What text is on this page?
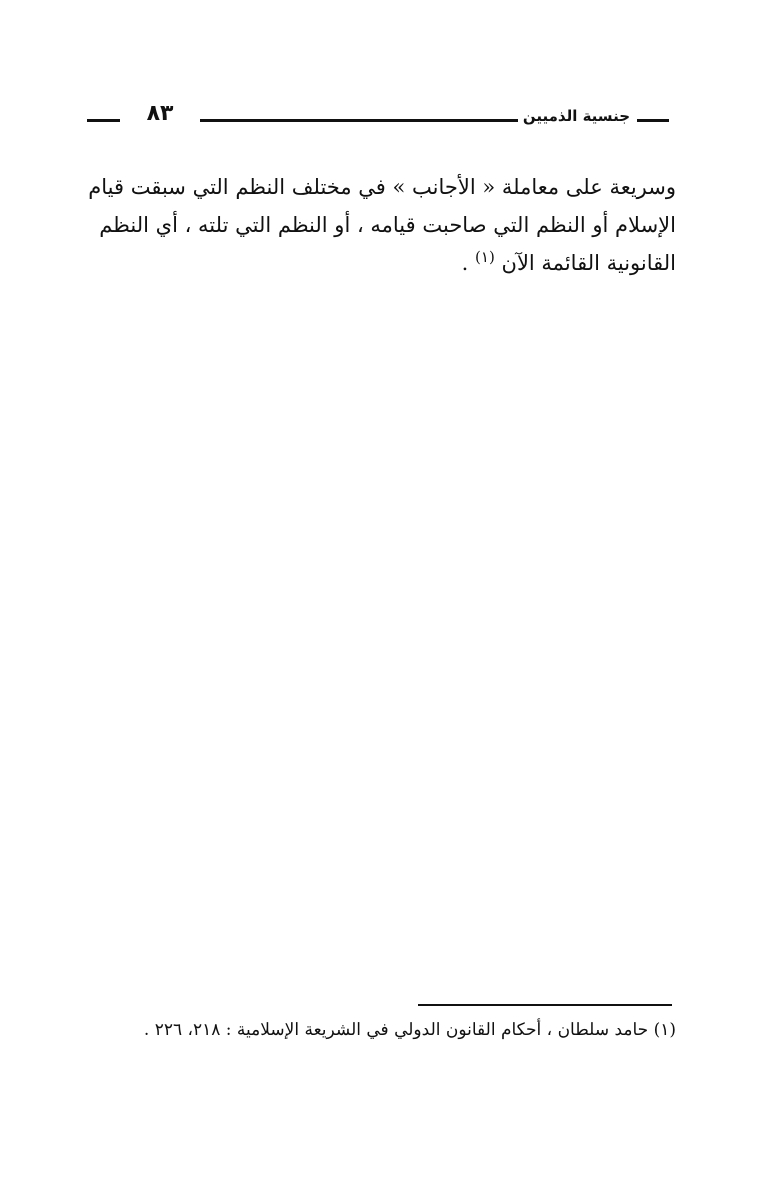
٨٣	جنسية الذميين
وسريعة على معاملة « الأجانب » في مختلف النظم التي سبقت قيام
الإسلام أو النظم التي صاحبت قيامه ، أو النظم التي تلته ، أي النظم
القانونية القائمة الآن $^{(١)}$ .
(١) حامد سلطان ، أحكام القانون الدولي في الشريعة الإسلامية : ٢١٨، ٢٢٦ .
